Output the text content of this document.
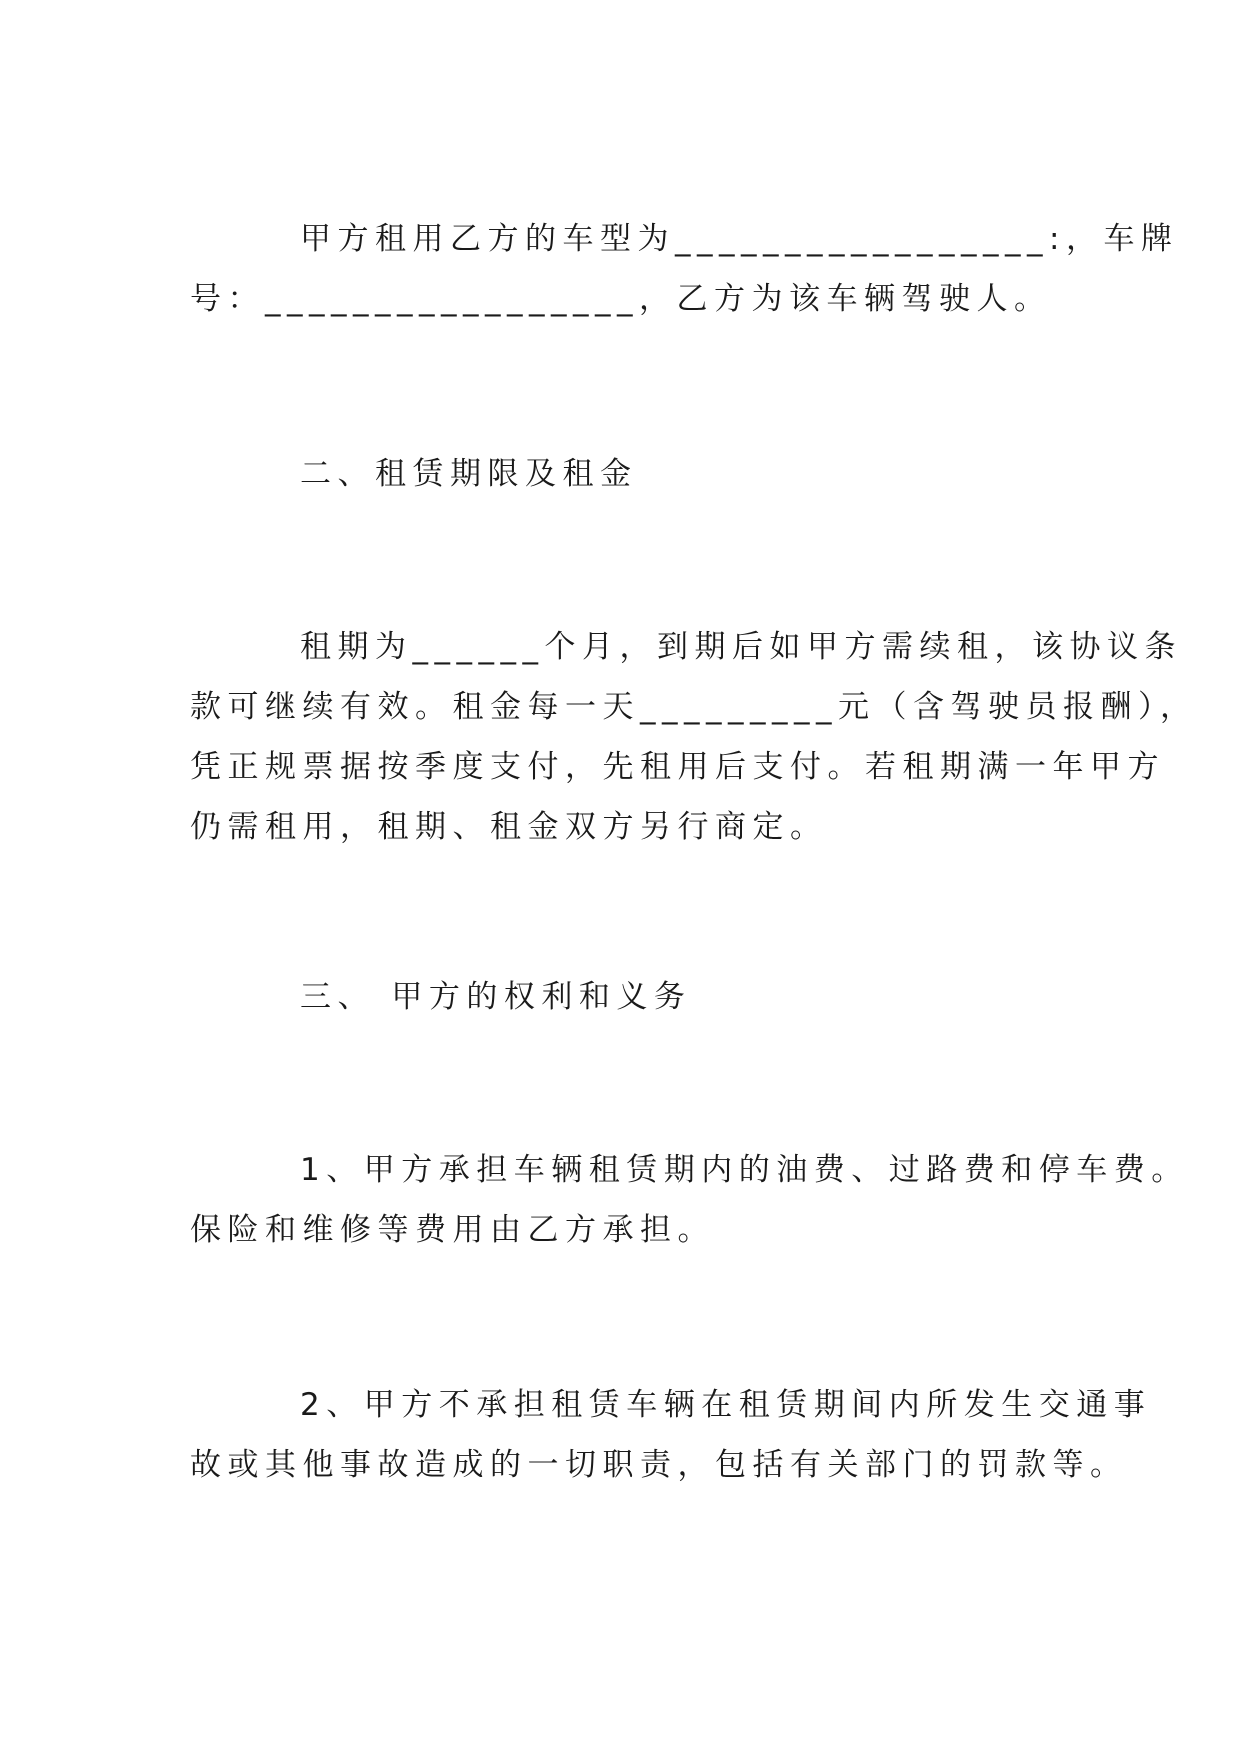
甲方租用乙方的车型为_________________:，车牌
号：_________________，乙方为该车辆驾驶人。
二、租赁期限及租金
租期为______个月，到期后如甲方需续租，该协议条
款可继续有效。租金每一天_________元（含驾驶员报酬），
凭正规票据按季度支付，先租用后支付。若租期满一年甲方
仍需租用，租期、租金双方另行商定。
三、 甲方的权利和义务
1、甲方承担车辆租赁期内的油费、过路费和停车费。
保险和维修等费用由乙方承担。
2、甲方不承担租赁车辆在租赁期间内所发生交通事
故或其他事故造成的一切职责，包括有关部门的罚款等。
